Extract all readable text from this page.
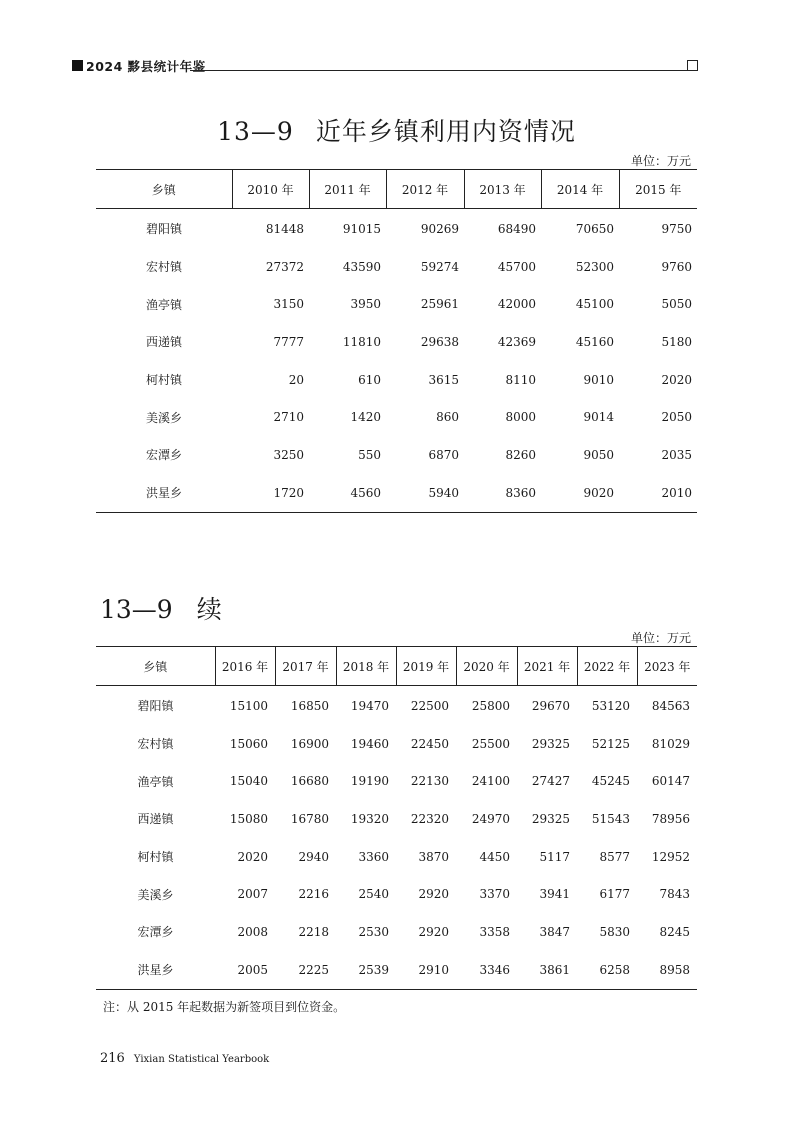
2024 黟县统计年鉴
13—9 近年乡镇利用内资情况
单位：万元
乡镇	2010 年	2011 年	2012 年	2013 年	2014 年	2015 年
碧阳镇	81448	91015	90269	68490	70650	9750
宏村镇	27372	43590	59274	45700	52300	9760
渔亭镇	3150	3950	25961	42000	45100	5050
西递镇	7777	11810	29638	42369	45160	5180
柯村镇	20	610	3615	8110	9010	2020
美溪乡	2710	1420	860	8000	9014	2050
宏潭乡	3250	550	6870	8260	9050	2035
洪星乡	1720	4560	5940	8360	9020	2010
13—9 续
单位：万元
乡镇	2016 年	2017 年	2018 年	2019 年	2020 年	2021 年	2022 年	2023 年
碧阳镇	15100	16850	19470	22500	25800	29670	53120	84563
宏村镇	15060	16900	19460	22450	25500	29325	52125	81029
渔亭镇	15040	16680	19190	22130	24100	27427	45245	60147
西递镇	15080	16780	19320	22320	24970	29325	51543	78956
柯村镇	2020	2940	3360	3870	4450	5117	8577	12952
美溪乡	2007	2216	2540	2920	3370	3941	6177	7843
宏潭乡	2008	2218	2530	2920	3358	3847	5830	8245
洪星乡	2005	2225	2539	2910	3346	3861	6258	8958
注：从 2015 年起数据为新签项目到位资金。
216 Yixian Statistical Yearbook
